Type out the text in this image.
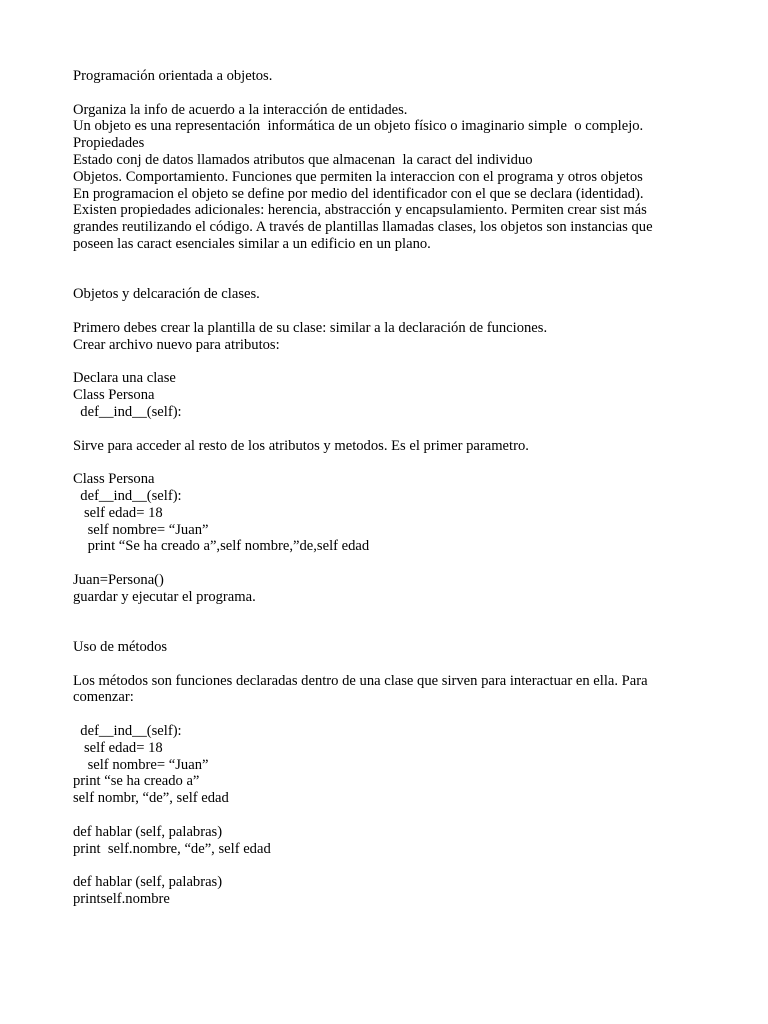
Programación orientada a objetos.
Organiza la info de acuerdo a la interacción de entidades.
Un objeto es una representación  informática de un objeto físico o imaginario simple  o complejo.
Propiedades
Estado conj de datos llamados atributos que almacenan  la caract del individuo
Objetos. Comportamiento. Funciones que permiten la interaccion con el programa y otros objetos
En programacion el objeto se define por medio del identificador con el que se declara (identidad).
Existen propiedades adicionales: herencia, abstracción y encapsulamiento. Permiten crear sist más
grandes reutilizando el código. A través de plantillas llamadas clases, los objetos son instancias que
poseen las caract esenciales similar a un edificio en un plano.
Objetos y delcaración de clases.
Primero debes crear la plantilla de su clase: similar a la declaración de funciones.
Crear archivo nuevo para atributos:
Declara una clase
Class Persona
def__ind__(self):
Sirve para acceder al resto de los atributos y metodos. Es el primer parametro.
Class Persona
def__ind__(self):
self edad= 18
self nombre= “Juan”
print “Se ha creado a”,self nombre,”de,self edad
Juan=Persona()
guardar y ejecutar el programa.
Uso de métodos
Los métodos son funciones declaradas dentro de una clase que sirven para interactuar en ella. Para
comenzar:
def__ind__(self):
self edad= 18
self nombre= “Juan”
print “se ha creado a”
self nombr, “de”, self edad
def hablar (self, palabras)
print  self.nombre, “de”, self edad
def hablar (self, palabras)
printself.nombre
